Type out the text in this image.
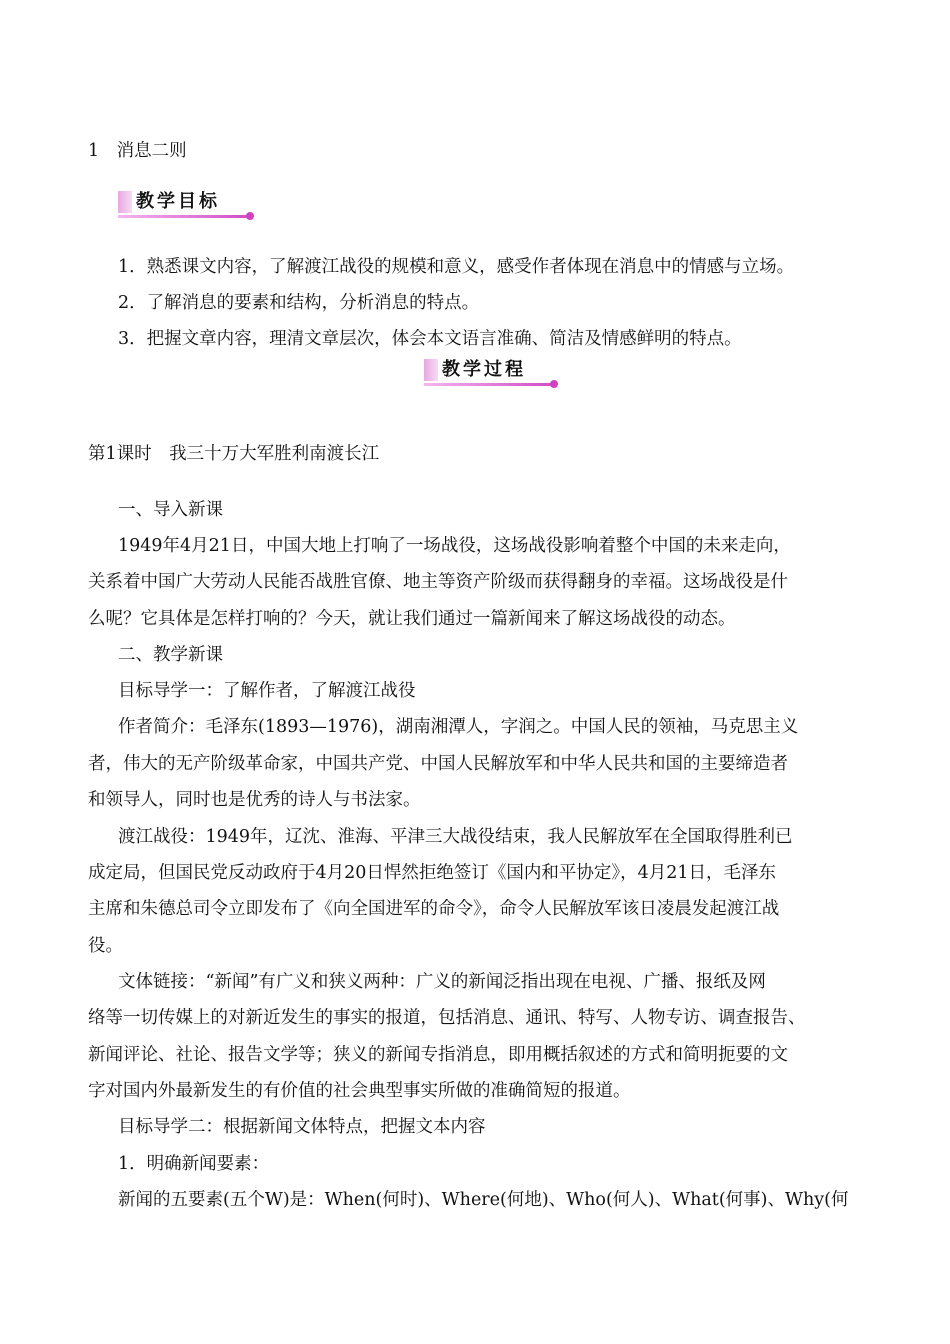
1　消息二则
教学目标
1．熟悉课文内容，了解渡江战役的规模和意义，感受作者体现在消息中的情感与立场。
2．了解消息的要素和结构，分析消息的特点。
3．把握文章内容，理清文章层次，体会本文语言准确、简洁及情感鲜明的特点。
教学过程
第1课时　我三十万大军胜利南渡长江
一、导入新课
1949年4月21日，中国大地上打响了一场战役，这场战役影响着整个中国的未来走向，
关系着中国广大劳动人民能否战胜官僚、地主等资产阶级而获得翻身的幸福。这场战役是什
么呢？它具体是怎样打响的？今天，就让我们通过一篇新闻来了解这场战役的动态。
二、教学新课
目标导学一：了解作者，了解渡江战役
作者简介：毛泽东(1893—1976)，湖南湘潭人，字润之。中国人民的领袖，马克思主义
者，伟大的无产阶级革命家，中国共产党、中国人民解放军和中华人民共和国的主要缔造者
和领导人，同时也是优秀的诗人与书法家。
渡江战役：1949年，辽沈、淮海、平津三大战役结束，我人民解放军在全国取得胜利已
成定局，但国民党反动政府于4月20日悍然拒绝签订《国内和平协定》，4月21日，毛泽东
主席和朱德总司令立即发布了《向全国进军的命令》，命令人民解放军该日凌晨发起渡江战
役。
文体链接：“新闻”有广义和狭义两种：广义的新闻泛指出现在电视、广播、报纸及网
络等一切传媒上的对新近发生的事实的报道，包括消息、通讯、特写、人物专访、调查报告、
新闻评论、社论、报告文学等；狭义的新闻专指消息，即用概括叙述的方式和简明扼要的文
字对国内外最新发生的有价值的社会典型事实所做的准确简短的报道。
目标导学二：根据新闻文体特点，把握文本内容
1．明确新闻要素：
新闻的五要素(五个W)是：When(何时)、Where(何地)、Who(何人)、What(何事)、Why(何
